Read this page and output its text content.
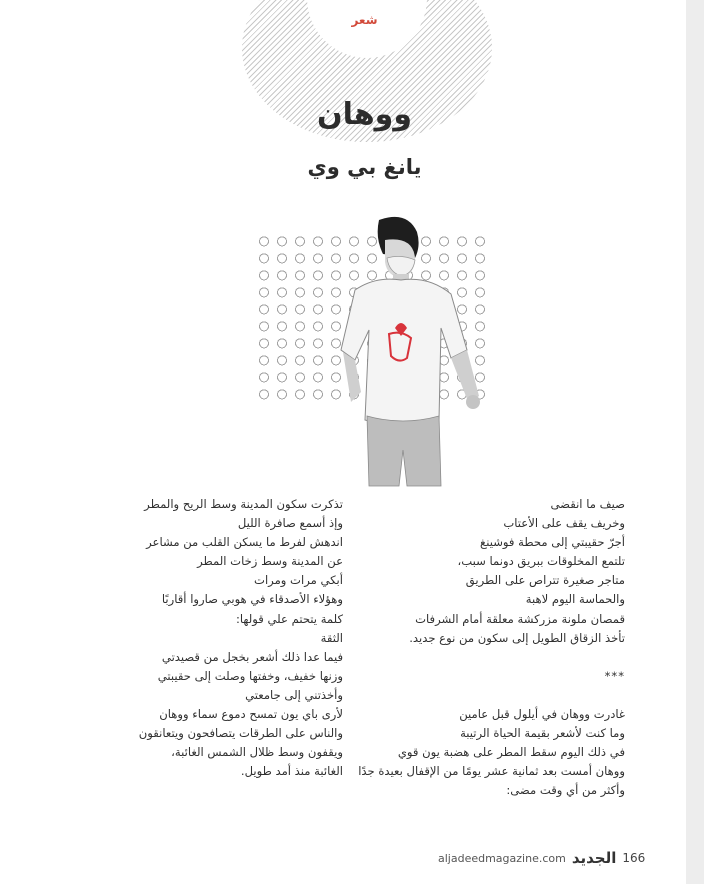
شعر
ووهان
يانغ بي وي
صيف ما انقضى
وخريف يقف على الأعتاب
أجرّ حقيبتي إلى محطة فوشينغ
تلتمع المخلوقات ببريق دونما سبب،
متاجر صغيرة تتراص على الطريق
والحماسة اليوم لاهبة
قمصان ملونة مزركشة معلقة أمام الشرفات
تأخذ الزقاق الطويل إلى سكون من نوع جديد.

***

غادرت ووهان في أيلول قبل عامين
وما كنت لأشعر بقيمة الحياة الرتيبة
في ذلك اليوم سقط المطر على هضبة يون قوي
ووهان أمست بعد ثمانية عشر يومًا من الإقفال بعيدة جدًا
وأكثر من أي وقت مضى:
تذكرت سكون المدينة وسط الريح والمطر
وإذ أسمع صافرة الليل
اندهش لفرط ما يسكن القلب من مشاعر
عن المدينة وسط زخات المطر
أبكي مرات ومرات
وهؤلاء الأصدقاء في هوبي صاروا أقاربًا
كلمة يتحتم علي قولها:
الثقة
فيما عدا ذلك أشعر بخجل من قصيدتي
وزنها خفيف، وخفتها وصلت إلى حقيبتي
وأخذتني إلى جامعتي
لأرى باي يون تمسح دموع سماء ووهان
والناس على الطرقات يتصافحون ويتعانقون
ويقفون وسط ظلال الشمس الغائبة،
الغائبة منذ أمد طويل.
aljadeedmagazine.com الجديد 166
